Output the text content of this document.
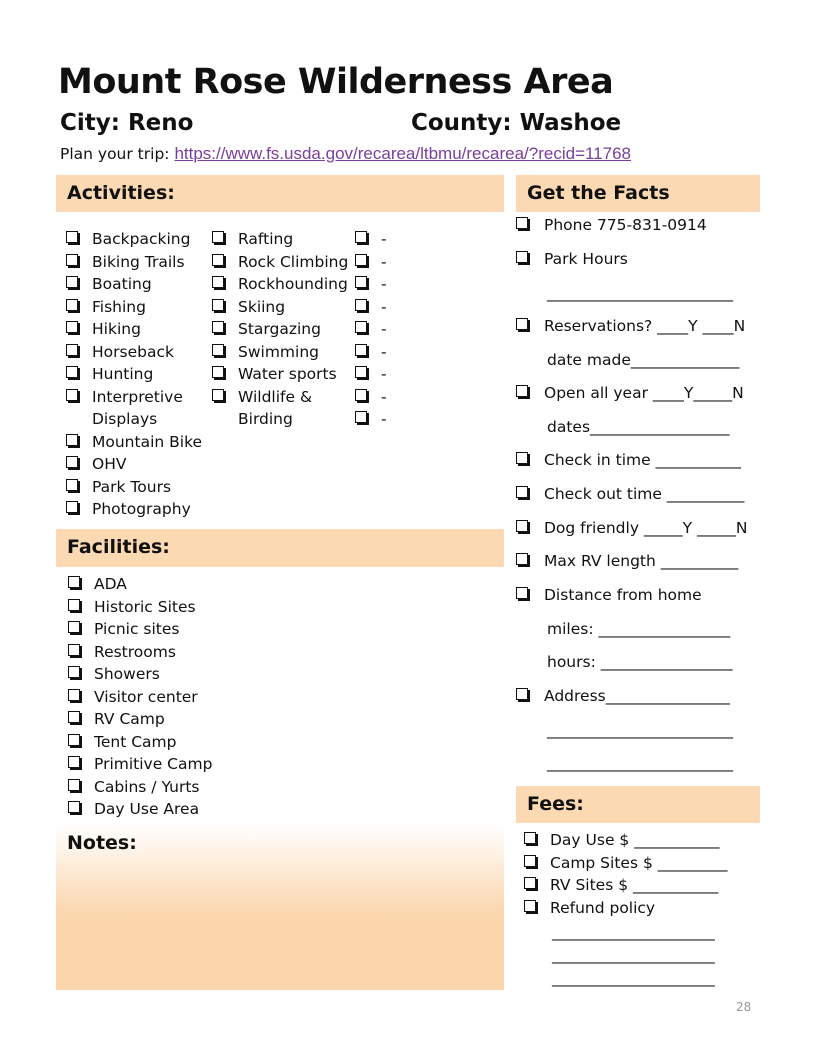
Mount Rose Wilderness Area
City: Reno	County: Washoe
Plan your trip: https://www.fs.usda.gov/recarea/ltbmu/recarea/?recid=11768
Activities:
Facilities:
Notes:
Get the Facts
Phone 775-831-0914
Park Hours
________________________
Reservations? ____Y ____N
date made______________
Open all year ____Y_____N
dates__________________
Check in time ___________
Check out time __________
Dog friendly _____Y _____N
Max RV length __________
Distance from home
miles: _________________
hours: _________________
Address________________
________________________
________________________
Fees:
Day Use $ ___________
Camp Sites $ _________
RV Sites $ ___________
Refund policy
_____________________
_____________________
_____________________
28
Backpacking
Biking Trails
Boating
Fishing
Hiking
Horseback
Hunting
Interpretive Displays
Mountain Bike
OHV
Park Tours
Photography
Rafting
Rock Climbing
Rockhounding
Skiing
Stargazing
Swimming
Water sports
Wildlife & Birding
-
-
-
-
-
-
-
-
-
ADA
Historic Sites
Picnic sites
Restrooms
Showers
Visitor center
RV Camp
Tent Camp
Primitive Camp
Cabins / Yurts
Day Use Area
